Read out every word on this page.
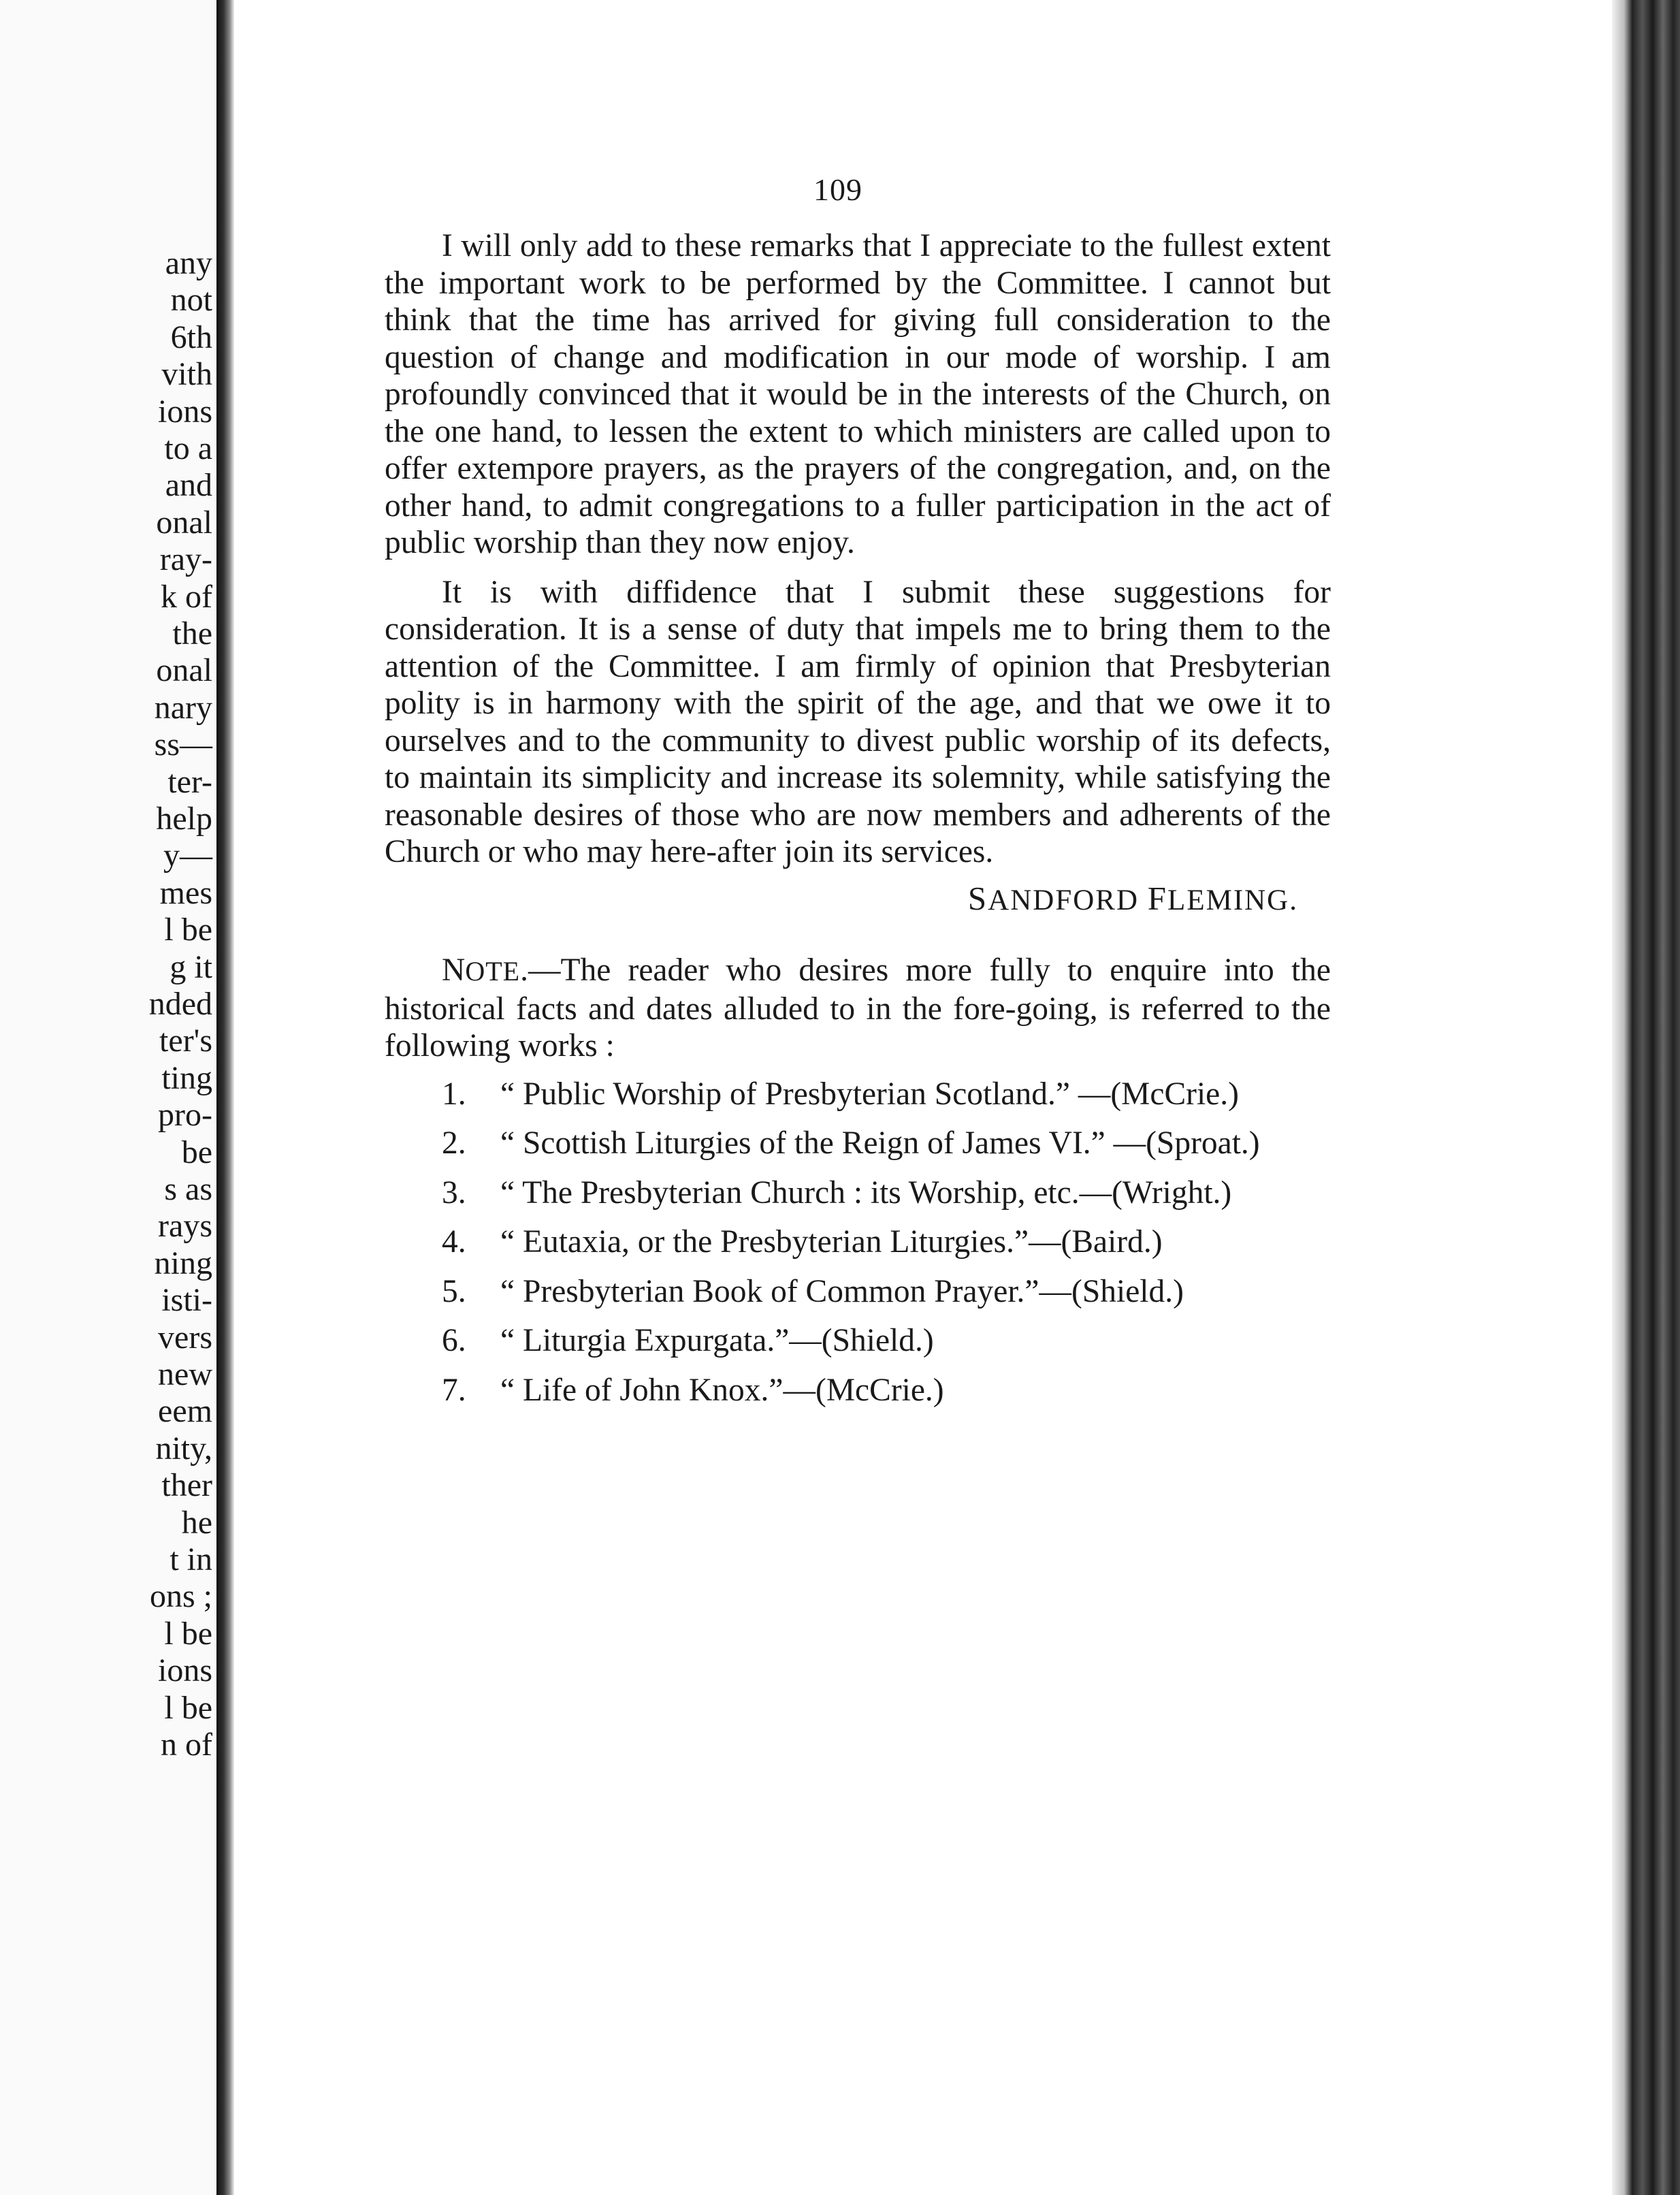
any
not
6th
vith
ions
to a
and
onal
ray-
k of
the
onal
nary
ss—
ter-
help
y—
mes
l be
g it
nded
ter's
ting
pro-
be
s as
rays
ning
isti-
vers
new
eem
nity,
ther
he
t in
ons ;
l be
ions
l be
n of
109

I will only add to these remarks that I appreciate to the fullest extent the important work to be performed by the Committee. I cannot but think that the time has arrived for giving full consideration to the question of change and modification in our mode of worship. I am profoundly convinced that it would be in the interests of the Church, on the one hand, to lessen the extent to which ministers are called upon to offer extempore prayers, as the prayers of the congregation, and, on the other hand, to admit congregations to a fuller participation in the act of public worship than they now enjoy.

It is with diffidence that I submit these suggestions for consideration. It is a sense of duty that impels me to bring them to the attention of the Committee. I am firmly of opinion that Presbyterian polity is in harmony with the spirit of the age, and that we owe it to ourselves and to the community to divest public worship of its defects, to maintain its simplicity and increase its solemnity, while satisfying the reasonable desires of those who are now members and adherents of the Church or who may here-after join its services.

SANDFORD FLEMING.

NOTE.—The reader who desires more fully to enquire into the historical facts and dates alluded to in the fore-going, is referred to the following works :

1. “ Public Worship of Presbyterian Scotland.” —(McCrie.)

2. “ Scottish Liturgies of the Reign of James VI.” —(Sproat.)

3. “ The Presbyterian Church : its Worship, etc.—(Wright.)

4. “ Eutaxia, or the Presbyterian Liturgies.”—(Baird.)

5. “ Presbyterian Book of Common Prayer.”—(Shield.)

6. “ Liturgia Expurgata.”—(Shield.)

7. “ Life of John Knox.”—(McCrie.)
